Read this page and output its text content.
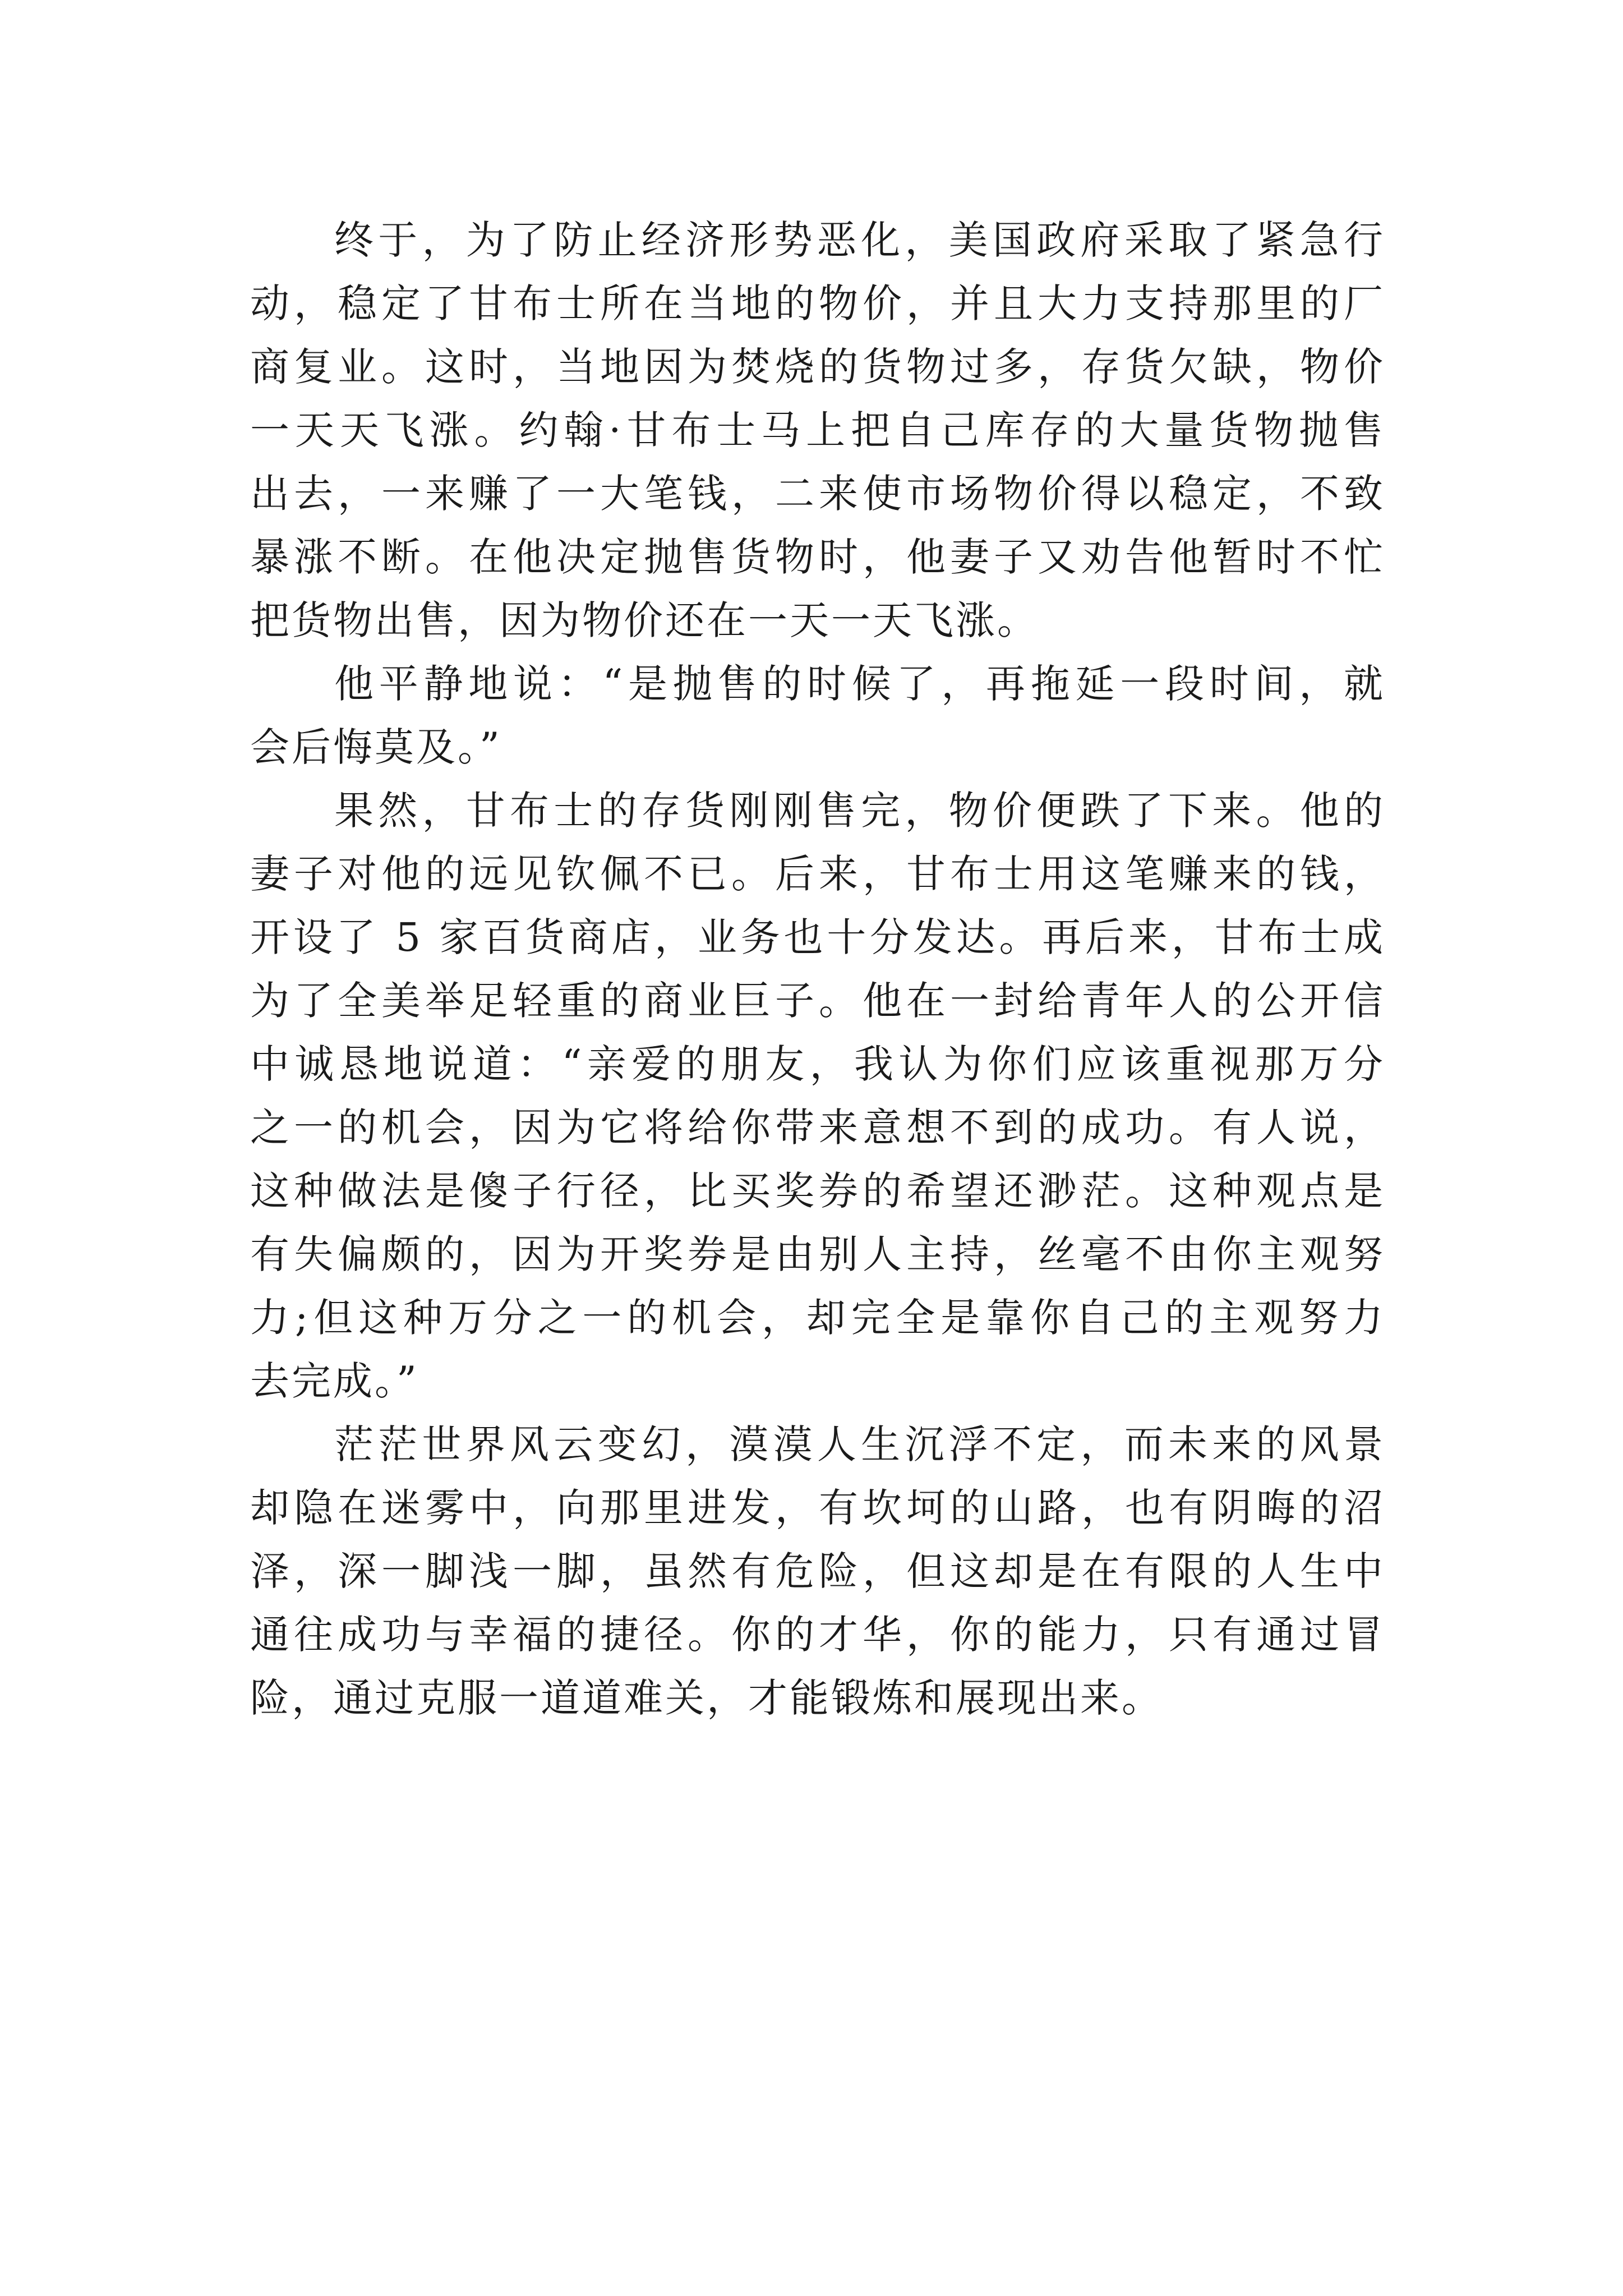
终于，为了防止经济形势恶化，美国政府采取了紧急行
动，稳定了甘布士所在当地的物价，并且大力支持那里的厂
商复业。这时，当地因为焚烧的货物过多，存货欠缺，物价
一天天飞涨。约翰·甘布士马上把自己库存的大量货物抛售
出去，一来赚了一大笔钱，二来使市场物价得以稳定，不致
暴涨不断。在他决定抛售货物时，他妻子又劝告他暂时不忙
把货物出售，因为物价还在一天一天飞涨。
他平静地说：“是抛售的时候了，再拖延一段时间，就
会后悔莫及。”
果然，甘布士的存货刚刚售完，物价便跌了下来。他的
妻子对他的远见钦佩不已。后来，甘布士用这笔赚来的钱，
开设了 5 家百货商店，业务也十分发达。再后来，甘布士成
为了全美举足轻重的商业巨子。他在一封给青年人的公开信
中诚恳地说道：“亲爱的朋友，我认为你们应该重视那万分
之一的机会，因为它将给你带来意想不到的成功。有人说，
这种做法是傻子行径，比买奖券的希望还渺茫。这种观点是
有失偏颇的，因为开奖券是由别人主持，丝毫不由你主观努
力;但这种万分之一的机会，却完全是靠你自己的主观努力
去完成。”
茫茫世界风云变幻，漠漠人生沉浮不定，而未来的风景
却隐在迷雾中，向那里进发，有坎坷的山路，也有阴晦的沼
泽，深一脚浅一脚，虽然有危险，但这却是在有限的人生中
通往成功与幸福的捷径。你的才华，你的能力，只有通过冒
险，通过克服一道道难关，才能锻炼和展现出来。
